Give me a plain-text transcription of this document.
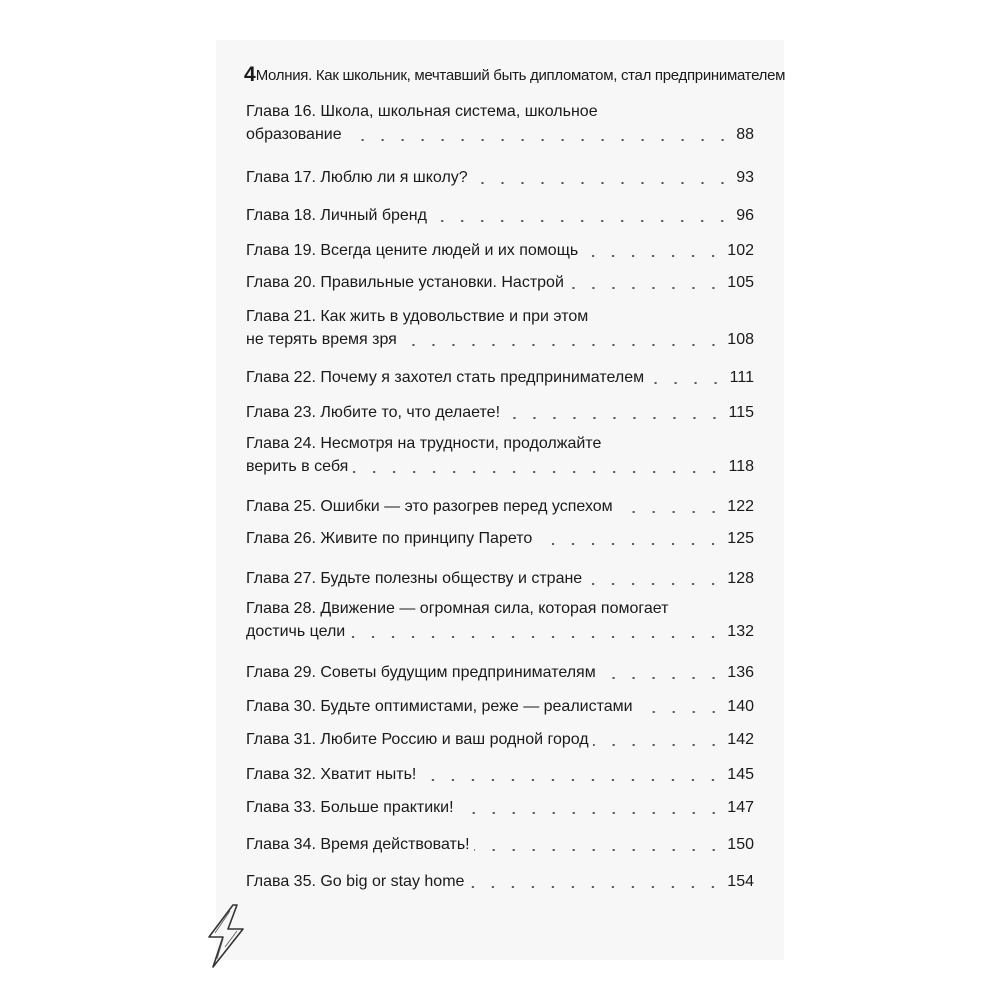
4 Молния. Как школьник, мечтавший быть дипломатом, стал предпринимателем
Глава 16. Школа, школьная система, школьное
образование	88
Глава 17. Люблю ли я школу?	93
Глава 18. Личный бренд	96
Глава 19. Всегда цените людей и их помощь	102
Глава 20. Правильные установки. Настрой	105
Глава 21. Как жить в удовольствие и при этом
не терять время зря	108
Глава 22. Почему я захотел стать предпринимателем	111
Глава 23. Любите то, что делаете!	115
Глава 24. Несмотря на трудности, продолжайте
верить в себя	118
Глава 25. Ошибки — это разогрев перед успехом	122
Глава 26. Живите по принципу Парето	125
Глава 27. Будьте полезны обществу и стране	128
Глава 28. Движение — огромная сила, которая помогает
достичь цели	132
Глава 29. Советы будущим предпринимателям	136
Глава 30. Будьте оптимистами, реже — реалистами	140
Глава 31. Любите Россию и ваш родной город	142
Глава 32. Хватит ныть!	145
Глава 33. Больше практики!	147
Глава 34. Время действовать!	150
Глава 35. Go big or stay home	154
